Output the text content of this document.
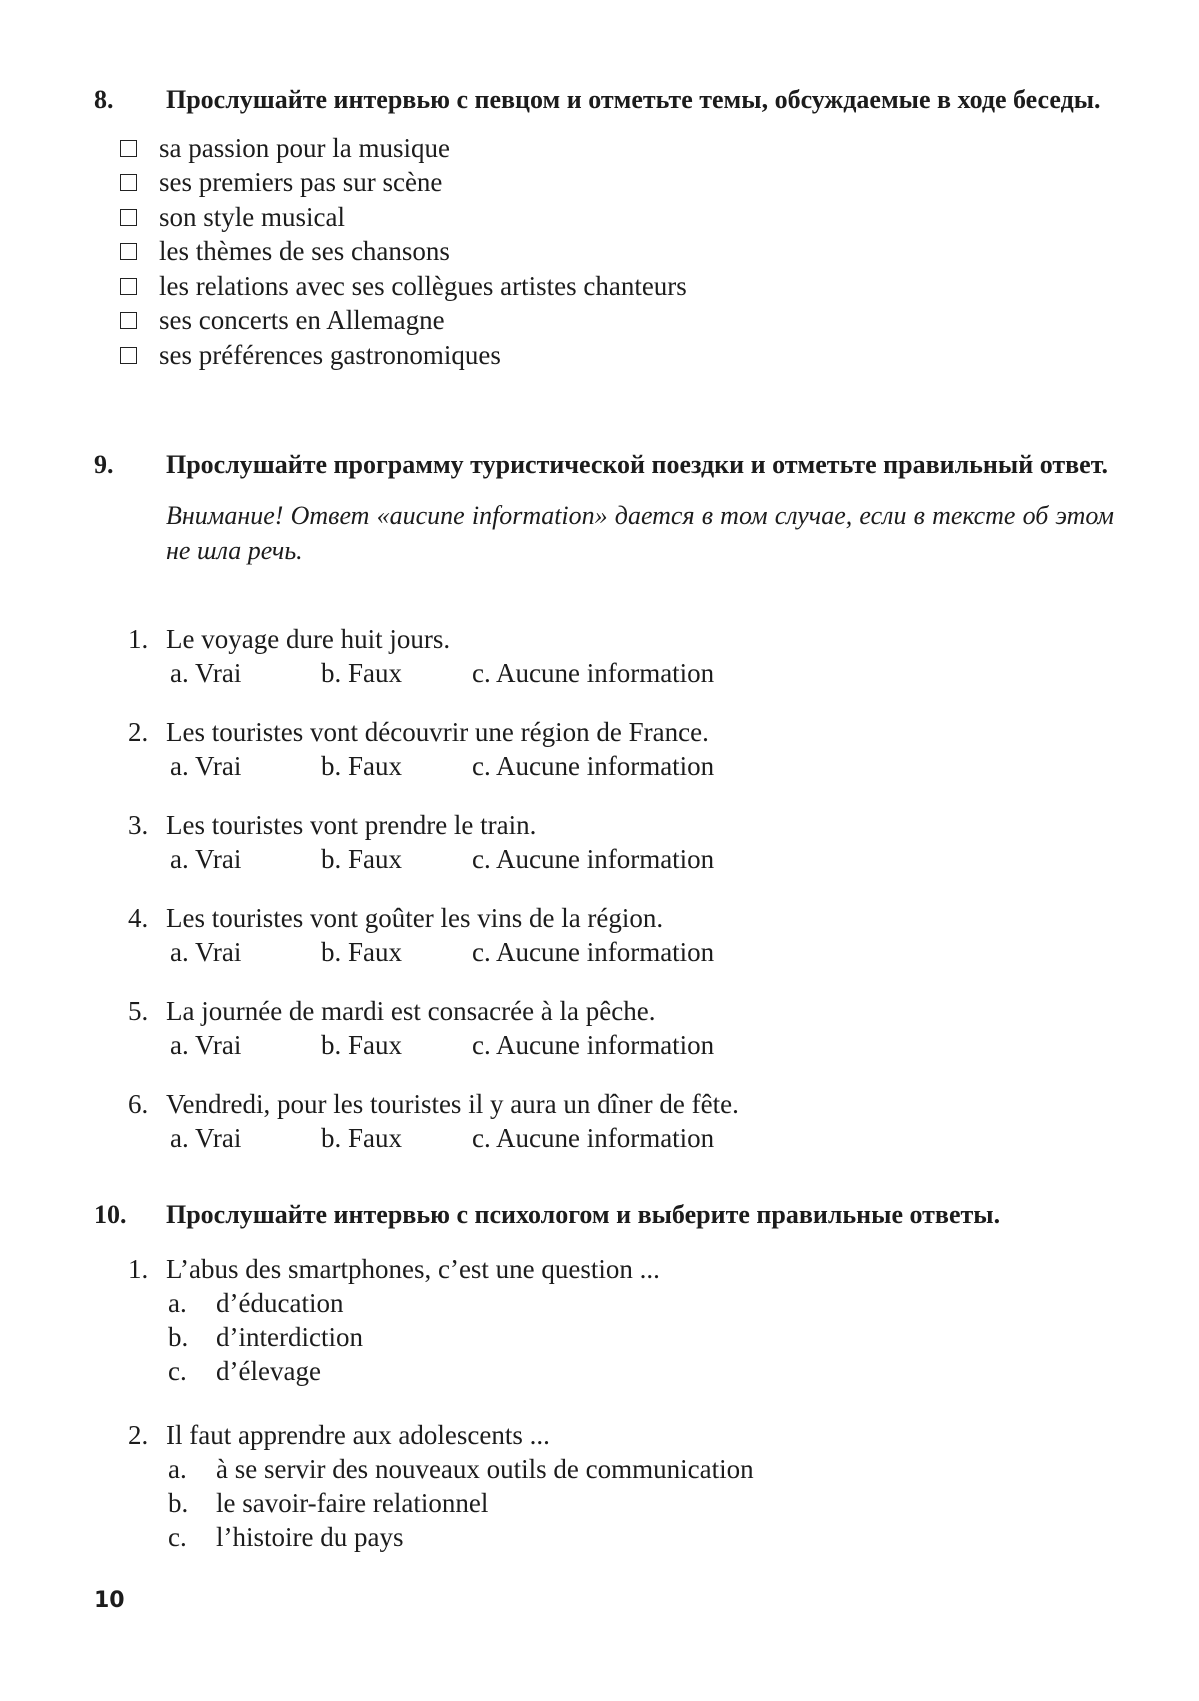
8.	Прослушайте интервью с певцом и отметьте темы, обсуждаемые в ходе беседы.
sa passion pour la musique
ses premiers pas sur scène
son style musical
les thèmes de ses chansons
les relations avec ses collègues artistes chanteurs
ses concerts en Allemagne
ses préférences gastronomiques
9.	Прослушайте программу туристической поездки и отметьте правильный ответ.
Внимание! Ответ «aucune information» дается в том случае, если в тексте об этом не шла речь.
1. Le voyage dure huit jours.
a. Vrai	b. Faux	c. Aucune information
2. Les touristes vont découvrir une région de France.
a. Vrai	b. Faux	c. Aucune information
3. Les touristes vont prendre le train.
a. Vrai	b. Faux	c. Aucune information
4. Les touristes vont goûter les vins de la région.
a. Vrai	b. Faux	c. Aucune information
5. La journée de mardi est consacrée à la pêche.
a. Vrai	b. Faux	c. Aucune information
6. Vendredi, pour les touristes il y aura un dîner de fête.
a. Vrai	b. Faux	c. Aucune information
10.	Прослушайте интервью с психологом и выберите правильные ответы.
1. L’abus des smartphones, c’est une question ...
a.	d’éducation
b.	d’interdiction
c.	d’élevage
2. Il faut apprendre aux adolescents ...
a.	à se servir des nouveaux outils de communication
b.	le savoir-faire relationnel
c.	l’histoire du pays
10
